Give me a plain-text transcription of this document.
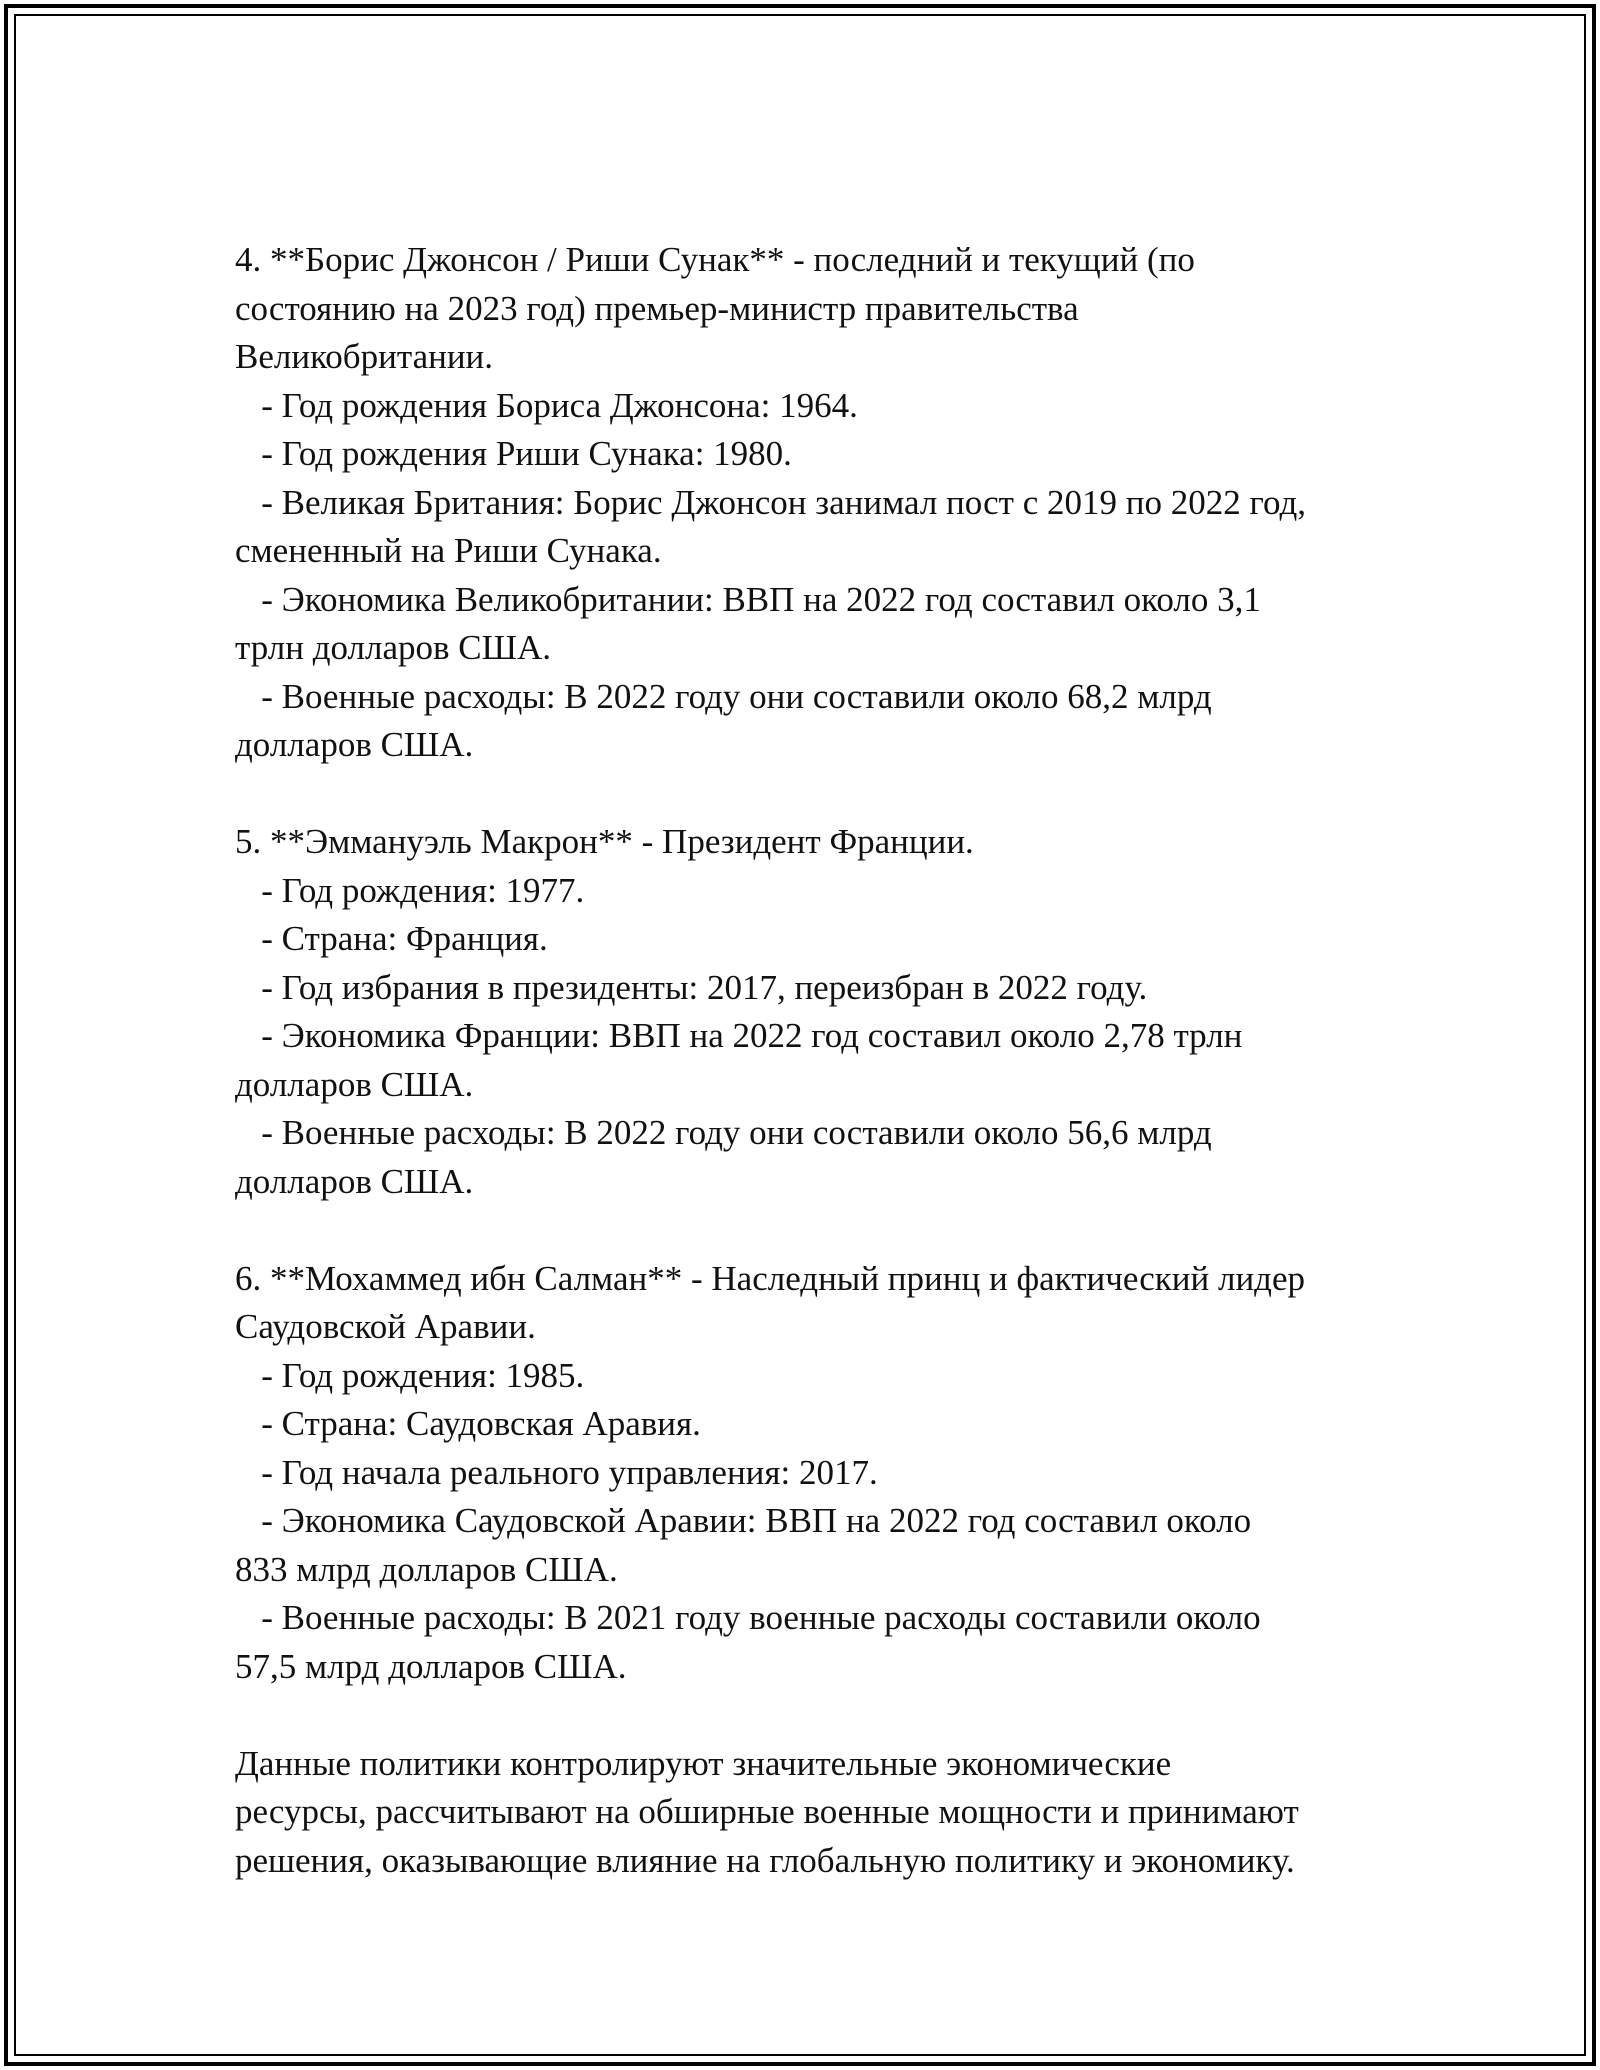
4. **Борис Джонсон / Риши Сунак** - последний и текущий (по
состоянию на 2023 год) премьер-министр правительства
Великобритании.
- Год рождения Бориса Джонсона: 1964.
- Год рождения Риши Сунака: 1980.
- Великая Британия: Борис Джонсон занимал пост с 2019 по 2022 год,
смененный на Риши Сунака.
- Экономика Великобритании: ВВП на 2022 год составил около 3,1
трлн долларов США.
- Военные расходы: В 2022 году они составили около 68,2 млрд
долларов США.
5. **Эммануэль Макрон** - Президент Франции.
- Год рождения: 1977.
- Страна: Франция.
- Год избрания в президенты: 2017, переизбран в 2022 году.
- Экономика Франции: ВВП на 2022 год составил около 2,78 трлн
долларов США.
- Военные расходы: В 2022 году они составили около 56,6 млрд
долларов США.
6. **Мохаммед ибн Салман** - Наследный принц и фактический лидер
Саудовской Аравии.
- Год рождения: 1985.
- Страна: Саудовская Аравия.
- Год начала реального управления: 2017.
- Экономика Саудовской Аравии: ВВП на 2022 год составил около
833 млрд долларов США.
- Военные расходы: В 2021 году военные расходы составили около
57,5 млрд долларов США.
Данные политики контролируют значительные экономические
ресурсы, рассчитывают на обширные военные мощности и принимают
решения, оказывающие влияние на глобальную политику и экономику.
